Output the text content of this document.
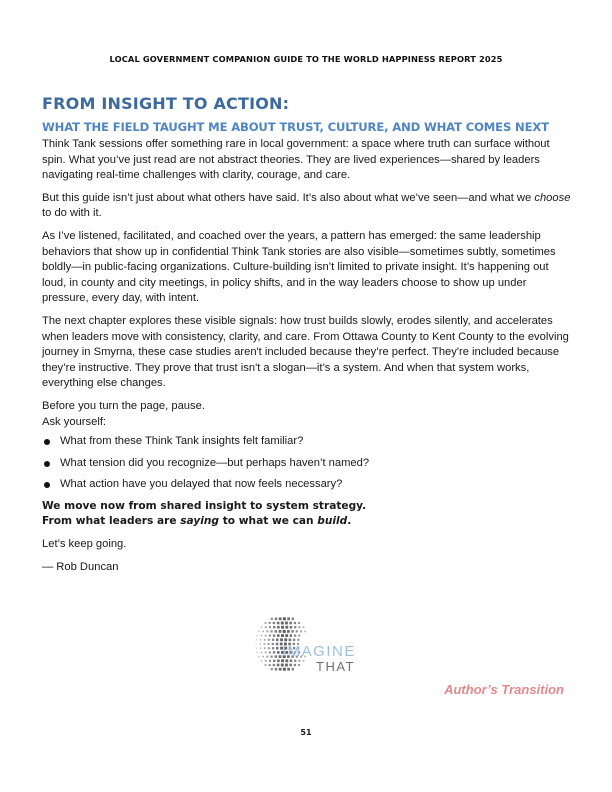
LOCAL GOVERNMENT COMPANION GUIDE TO THE WORLD HAPPINESS REPORT 2025
FROM INSIGHT TO ACTION:
WHAT THE FIELD TAUGHT ME ABOUT TRUST, CULTURE, AND WHAT COMES NEXT

Think Tank sessions offer something rare in local government: a space where truth can surface without spin. What you’ve just read are not abstract theories. They are lived experiences—shared by leaders navigating real-time challenges with clarity, courage, and care.

But this guide isn’t just about what others have said. It’s also about what we’ve seen—and what we choose to do with it.

As I’ve listened, facilitated, and coached over the years, a pattern has emerged: the same leadership behaviors that show up in confidential Think Tank stories are also visible—sometimes subtly, sometimes boldly—in public-facing organizations. Culture-building isn’t limited to private insight. It’s happening out loud, in county and city meetings, in policy shifts, and in the way leaders choose to show up under pressure, every day, with intent.

The next chapter explores these visible signals: how trust builds slowly, erodes silently, and accelerates when leaders move with consistency, clarity, and care. From Ottawa County to Kent County to the evolving journey in Smyrna, these case studies aren't included because they’re perfect. They're included because they’re instructive. They prove that trust isn't a slogan—it’s a system. And when that system works, everything else changes.

Before you turn the page, pause.

Ask yourself:

What from these Think Tank insights felt familiar?
What tension did you recognize—but perhaps haven’t named?
What action have you delayed that now feels necessary?

We move now from shared insight to system strategy.

From what leaders are saying to what we can build.

Let’s keep going.

— Rob Duncan

IMAGINE
THAT
Author’s Transition
51
